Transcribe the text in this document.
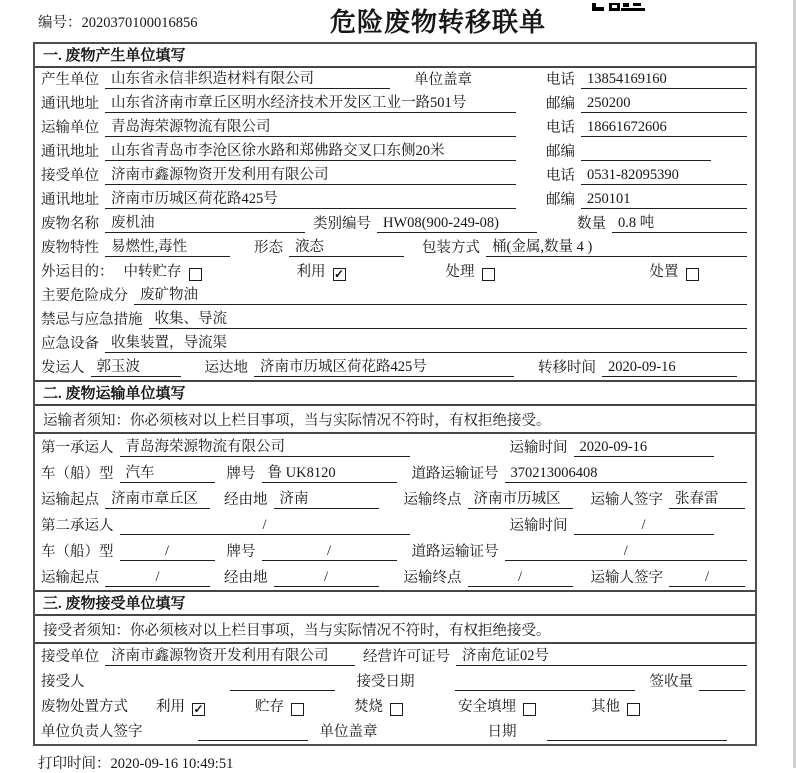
编号：2020370100016856	危险废物转移联单
一. 废物产生单位填写
产生单位 山东省永信非织造材料有限公司	单位盖章	电话 13854169160
通讯地址 山东省济南市章丘区明水经济技术开发区工业一路501号	邮编 250200
运输单位 青岛海荣源物流有限公司	电话 18661672606
通讯地址 山东省青岛市李沧区徐水路和郑佛路交叉口东侧20米	邮编
接受单位 济南市鑫源物资开发利用有限公司	电话 0531-82095390
通讯地址 济南市历城区荷花路425号	邮编 250101
废物名称 废机油	类别编号 HW08(900-249-08)	数量 0.8 吨
废物特性 易燃性,毒性	形态 液态	包装方式 桶(金属,数量 4 )
外运目的： 中转贮存	利用 ✓	处理	处置
主要危险成分 废矿物油
禁忌与应急措施 收集、导流
应急设备 收集装置，导流渠
发运人 郭玉波	运达地 济南市历城区荷花路425号	转移时间 2020-09-16
二. 废物运输单位填写
运输者须知：你必须核对以上栏目事项，当与实际情况不符时，有权拒绝接受。
第一承运人 青岛海荣源物流有限公司	运输时间 2020-09-16
车（船）型 汽车	牌号 鲁 UK8120	道路运输证号 370213006408
运输起点 济南市章丘区	经由地 济南	运输终点 济南市历城区	运输人签字 张春雷
第二承运人	/	运输时间	/
车（船）型	/	牌号	/	道路运输证号	/
运输起点	/	经由地	/	运输终点	/	运输人签字	/
三. 废物接受单位填写
接受者须知：你必须核对以上栏目事项，当与实际情况不符时，有权拒绝接受。
接受单位 济南市鑫源物资开发利用有限公司	经营许可证号 济南危证02号
接受人	接受日期	签收量
废物处置方式 利用 ✓	贮存	焚烧	安全填埋	其他
单位负责人签字	单位盖章	日期
打印时间：2020-09-16 10:49:51
